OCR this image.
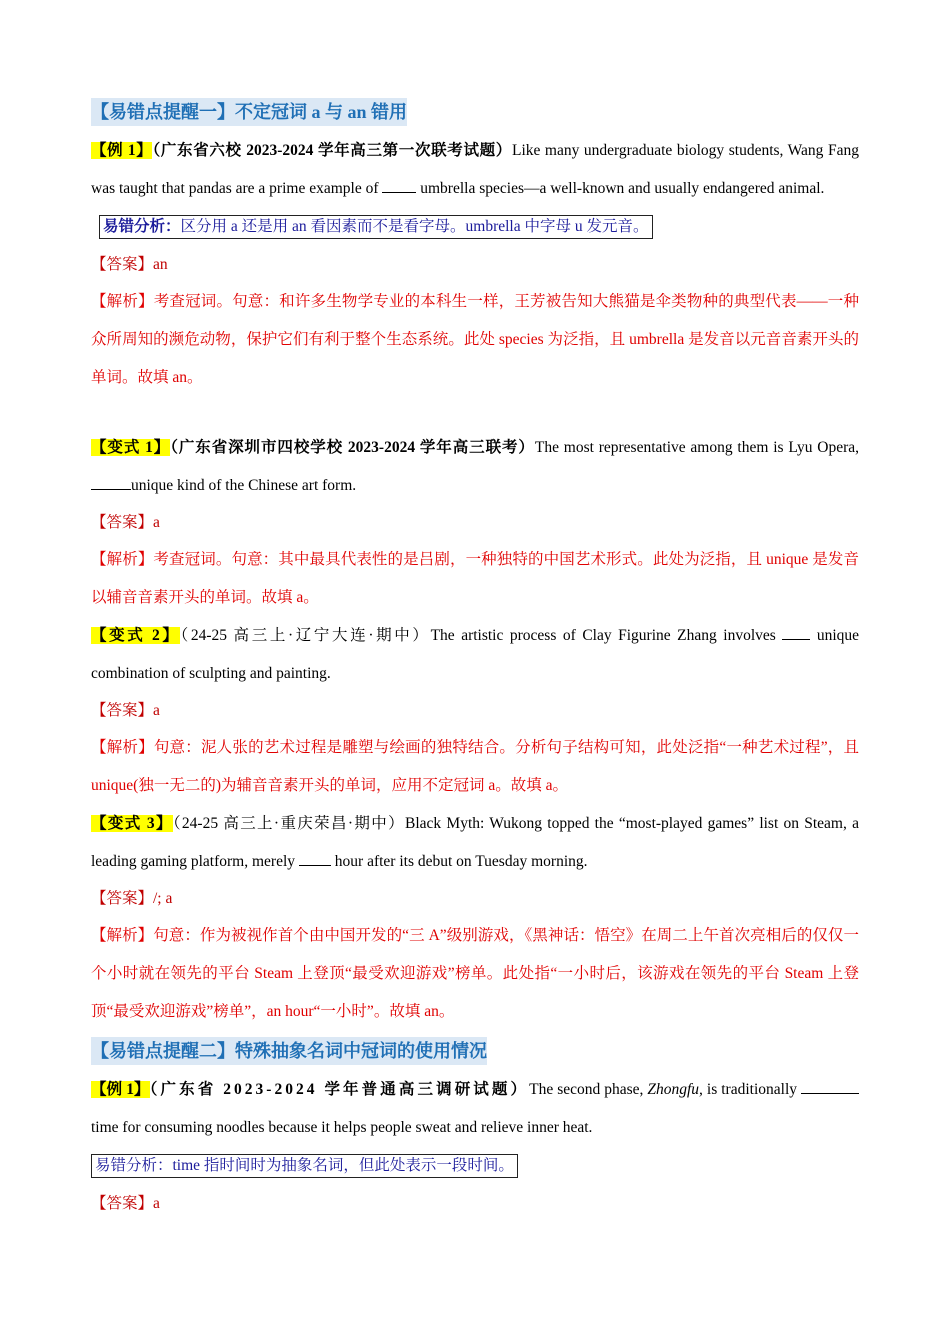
【易错点提醒一】不定冠词 a 与 an 错用

【例 1】（广东省六校 2023-2024 学年高三第一次联考试题）Like many undergraduate biology students, Wang Fang was taught that pandas are a prime example of  umbrella species—a well-known and usually endangered animal.

易错分析：区分用 a 还是用 an 看因素而不是看字母。umbrella 中字母 u 发元音。

【答案】an

【解析】考查冠词。句意：和许多生物学专业的本科生一样，王芳被告知大熊猫是伞类物种的典型代表——一种众所周知的濒危动物，保护它们有利于整个生态系统。此处 species 为泛指，且 umbrella 是发音以元音音素开头的单词。故填 an。

【变式 1】（广东省深圳市四校学校 2023-2024 学年高三联考）The most representative among them is Lyu Opera,unique kind of the Chinese art form.

【答案】a

【解析】考查冠词。句意：其中最具代表性的是吕剧，一种独特的中国艺术形式。此处为泛指，且 unique 是发音以辅音音素开头的单词。故填 a。

【变式 2】（24-25 高三上·辽宁大连·期中）The artistic process of Clay Figurine Zhang involves  unique combination of sculpting and painting.

【答案】a

【解析】句意：泥人张的艺术过程是雕塑与绘画的独特结合。分析句子结构可知，此处泛指“一种艺术过程”，且 unique(独一无二的)为辅音音素开头的单词，应用不定冠词 a。故填 a。

【变式 3】（24-25 高三上·重庆荣昌·期中）Black Myth: Wukong topped the “most-played games” list on Steam, a leading gaming platform, merely  hour after its debut on Tuesday morning.

【答案】/; a

【解析】句意：作为被视作首个由中国开发的“三 A”级别游戏，《黑神话：悟空》在周二上午首次亮相后的仅仅一个小时就在领先的平台 Steam 上登顶“最受欢迎游戏”榜单。此处指“一小时后，该游戏在领先的平台 Steam 上登顶“最受欢迎游戏”榜单”，an hour“一小时”。故填 an。

【易错点提醒二】特殊抽象名词中冠词的使用情况

【例 1】（广东省 2023-2024 学年普通高三调研试题）The second phase, Zhongfu, is traditionally time for consuming noodles because it helps people sweat and relieve inner heat.

易错分析：time 指时间时为抽象名词，但此处表示一段时间。

【答案】a
